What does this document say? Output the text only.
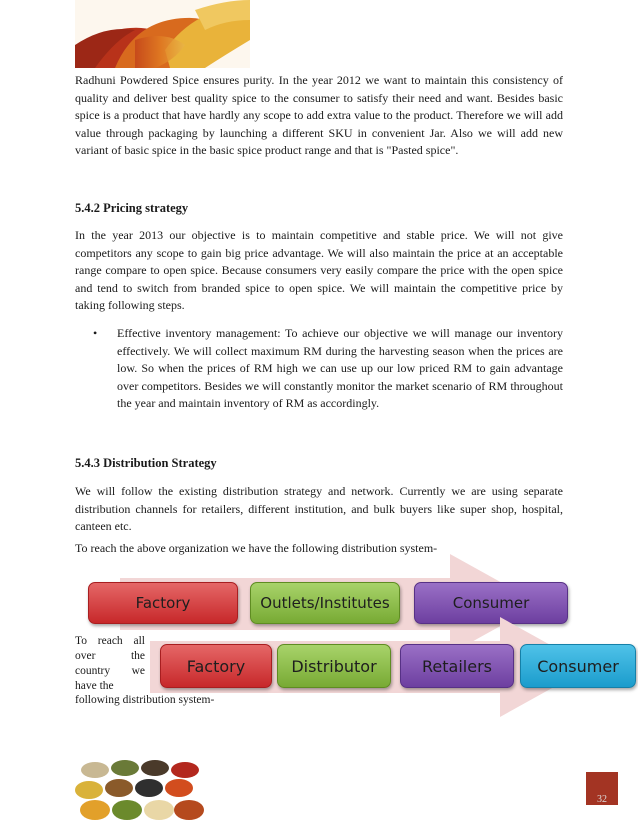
Radhuni Powdered Spice ensures purity. In the year 2012 we want to maintain this consistency of quality and deliver best quality spice to the consumer to satisfy their need and want. Besides basic spice is a product that have hardly any scope to add extra value to the product. Therefore we will add value through packaging by launching a different SKU in convenient Jar. Also we will add new variant of basic spice in the basic spice product range and that is "Pasted spice".

5.4.2 Pricing strategy

In the year 2013 our objective is to maintain competitive and stable price. We will not give competitors any scope to gain big price advantage. We will also maintain the price at an acceptable range compare to open spice. Because consumers very easily compare the price with the open spice and tend to switch from branded spice to open spice. We will maintain the competitive price by taking following steps.

• Effective inventory management: To achieve our objective we will manage our inventory effectively. We will collect maximum RM during the harvesting season when the prices are low. So when the prices of RM high we can use up our low priced RM to gain advantage over competitors. Besides we will constantly monitor the market scenario of RM throughout the year and maintain inventory of RM as accordingly.

5.4.3 Distribution Strategy

We will follow the existing distribution strategy and network. Currently we are using separate distribution channels for retailers, different institution, and bulk buyers like super shop, hospital, canteen etc.

To reach the above organization we have the following distribution system-

Factory	Outlets/Institutes	Consumer
Factory	Distributor	Retailers	Consumer

To reach all over the country we have the

following distribution system-

32
